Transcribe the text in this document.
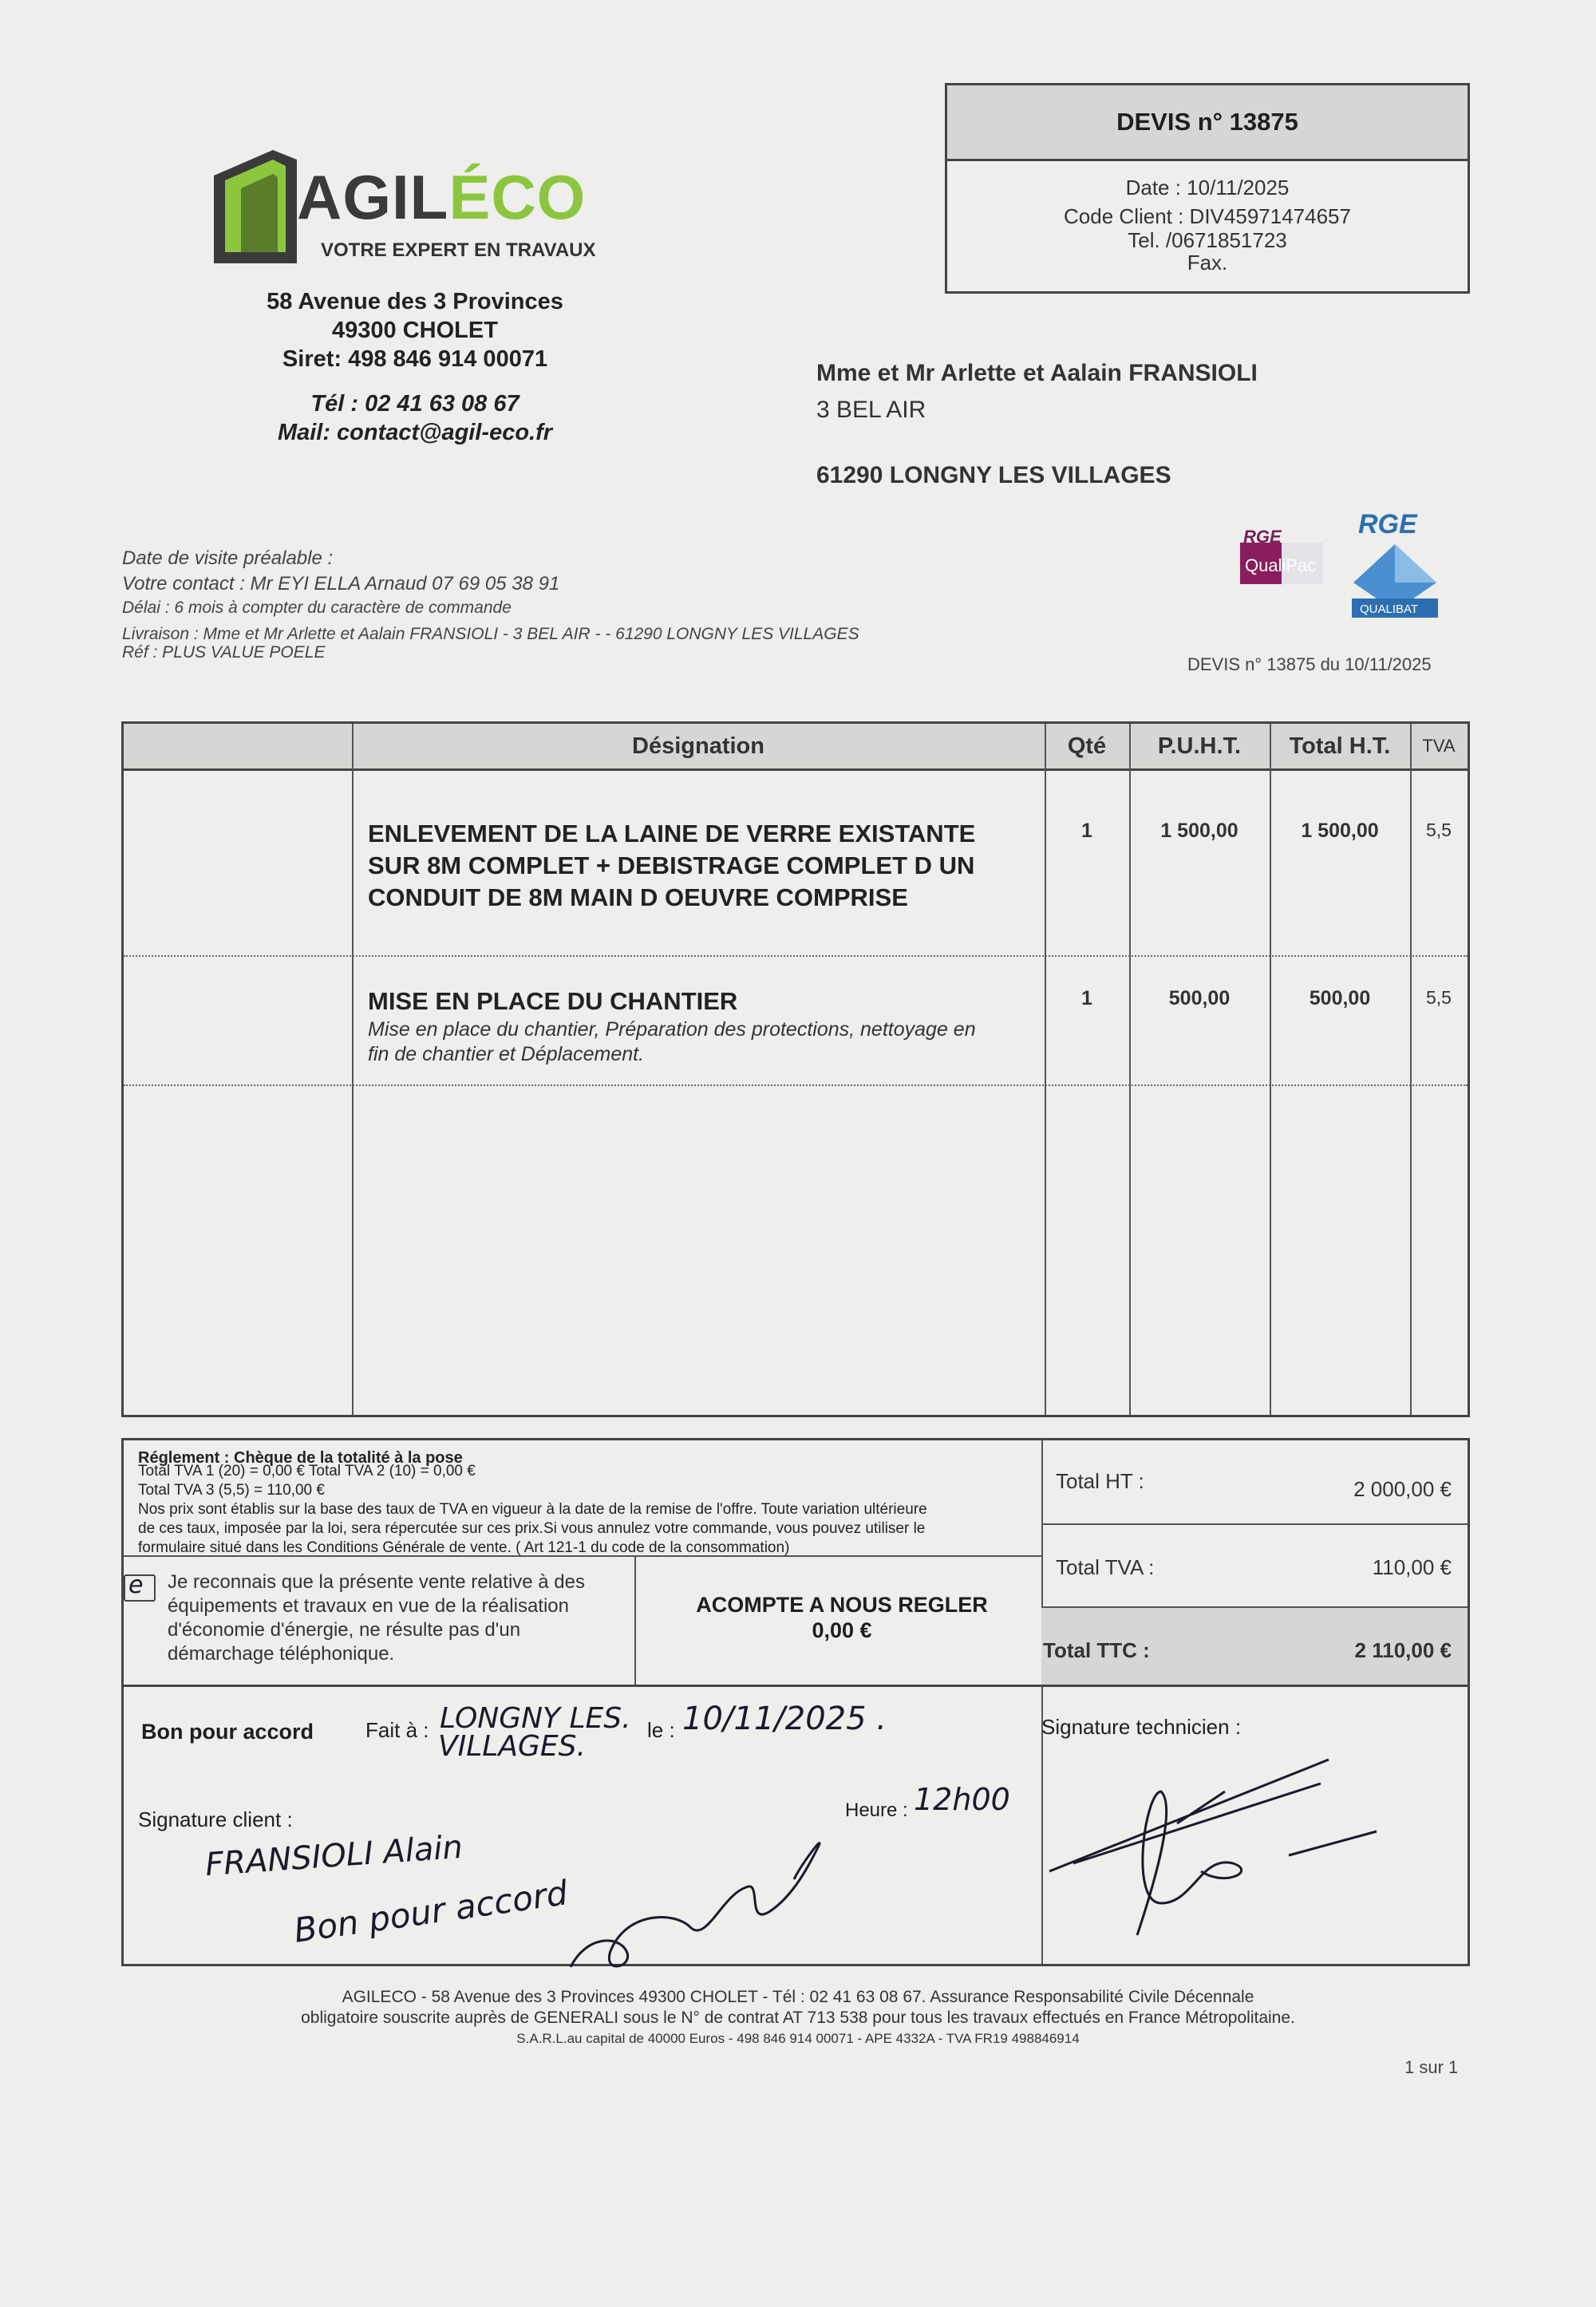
AGILÉCO
VOTRE EXPERT EN TRAVAUX
58 Avenue des 3 Provinces
49300 CHOLET
Siret: 498 846 914 00071
Tél : 02 41 63 08 67
Mail: contact@agil-eco.fr
DEVIS n° 13875
Date : 10/11/2025
Code Client : DIV45971474657
Tel. /0671851723
Fax.
Mme et Mr Arlette et Aalain FRANSIOLI
3 BEL AIR
61290 LONGNY LES VILLAGES
RGE
QualiPac
RGE
QUALIBAT
Date de visite préalable :
Votre contact : Mr EYI ELLA Arnaud 07 69 05 38 91
Délai : 6 mois à compter du caractère de commande
Livraison : Mme et Mr Arlette et Aalain FRANSIOLI - 3 BEL AIR - - 61290 LONGNY LES VILLAGES
Réf : PLUS VALUE POELE
DEVIS n° 13875 du 10/11/2025
Désignation	Qté	P.U.H.T.	Total H.T.	TVA
ENLEVEMENT DE LA LAINE DE VERRE EXISTANTE
SUR 8M COMPLET + DEBISTRAGE COMPLET D UN
CONDUIT DE 8M MAIN D OEUVRE COMPRISE
1	1 500,00	1 500,00	5,5
MISE EN PLACE DU CHANTIER
Mise en place du chantier, Préparation des protections, nettoyage en
fin de chantier et Déplacement.
1	500,00	500,00	5,5
Réglement : Chèque de la totalité à la pose
Total TVA 1 (20) = 0,00 € Total TVA 2 (10) = 0,00 €
Total TVA 3 (5,5) = 110,00 €
Nos prix sont établis sur la base des taux de TVA en vigueur à la date de la remise de l'offre. Toute variation ultérieure
de ces taux, imposée par la loi, sera répercutée sur ces prix.Si vous annulez votre commande, vous pouvez utiliser le
formulaire situé dans les Conditions Générale de vente. ( Art 121-1 du code de la consommation)
e Je reconnais que la présente vente relative à des
équipements et travaux en vue de la réalisation
d'économie d'énergie, ne résulte pas d'un
démarchage téléphonique.
ACOMPTE A NOUS REGLER
0,00 €
Total HT :	2 000,00 €
Total TVA :	110,00 €
Total TTC :	2 110,00 €
Bon pour accord Fait à : LONGNY LES.
VILLAGES.	le : 10/11/2025 .
Heure : 12h00
Signature client :
FRANSIOLI Alain
Bon pour accord
Signature technicien :
AGILECO - 58 Avenue des 3 Provinces 49300 CHOLET - Tél : 02 41 63 08 67. Assurance Responsabilité Civile Décennale
obligatoire souscrite auprès de GENERALI sous le N° de contrat AT 713 538 pour tous les travaux effectués en France Métropolitaine.
S.A.R.L.au capital de 40000 Euros - 498 846 914 00071 - APE 4332A - TVA FR19 498846914
1 sur 1
